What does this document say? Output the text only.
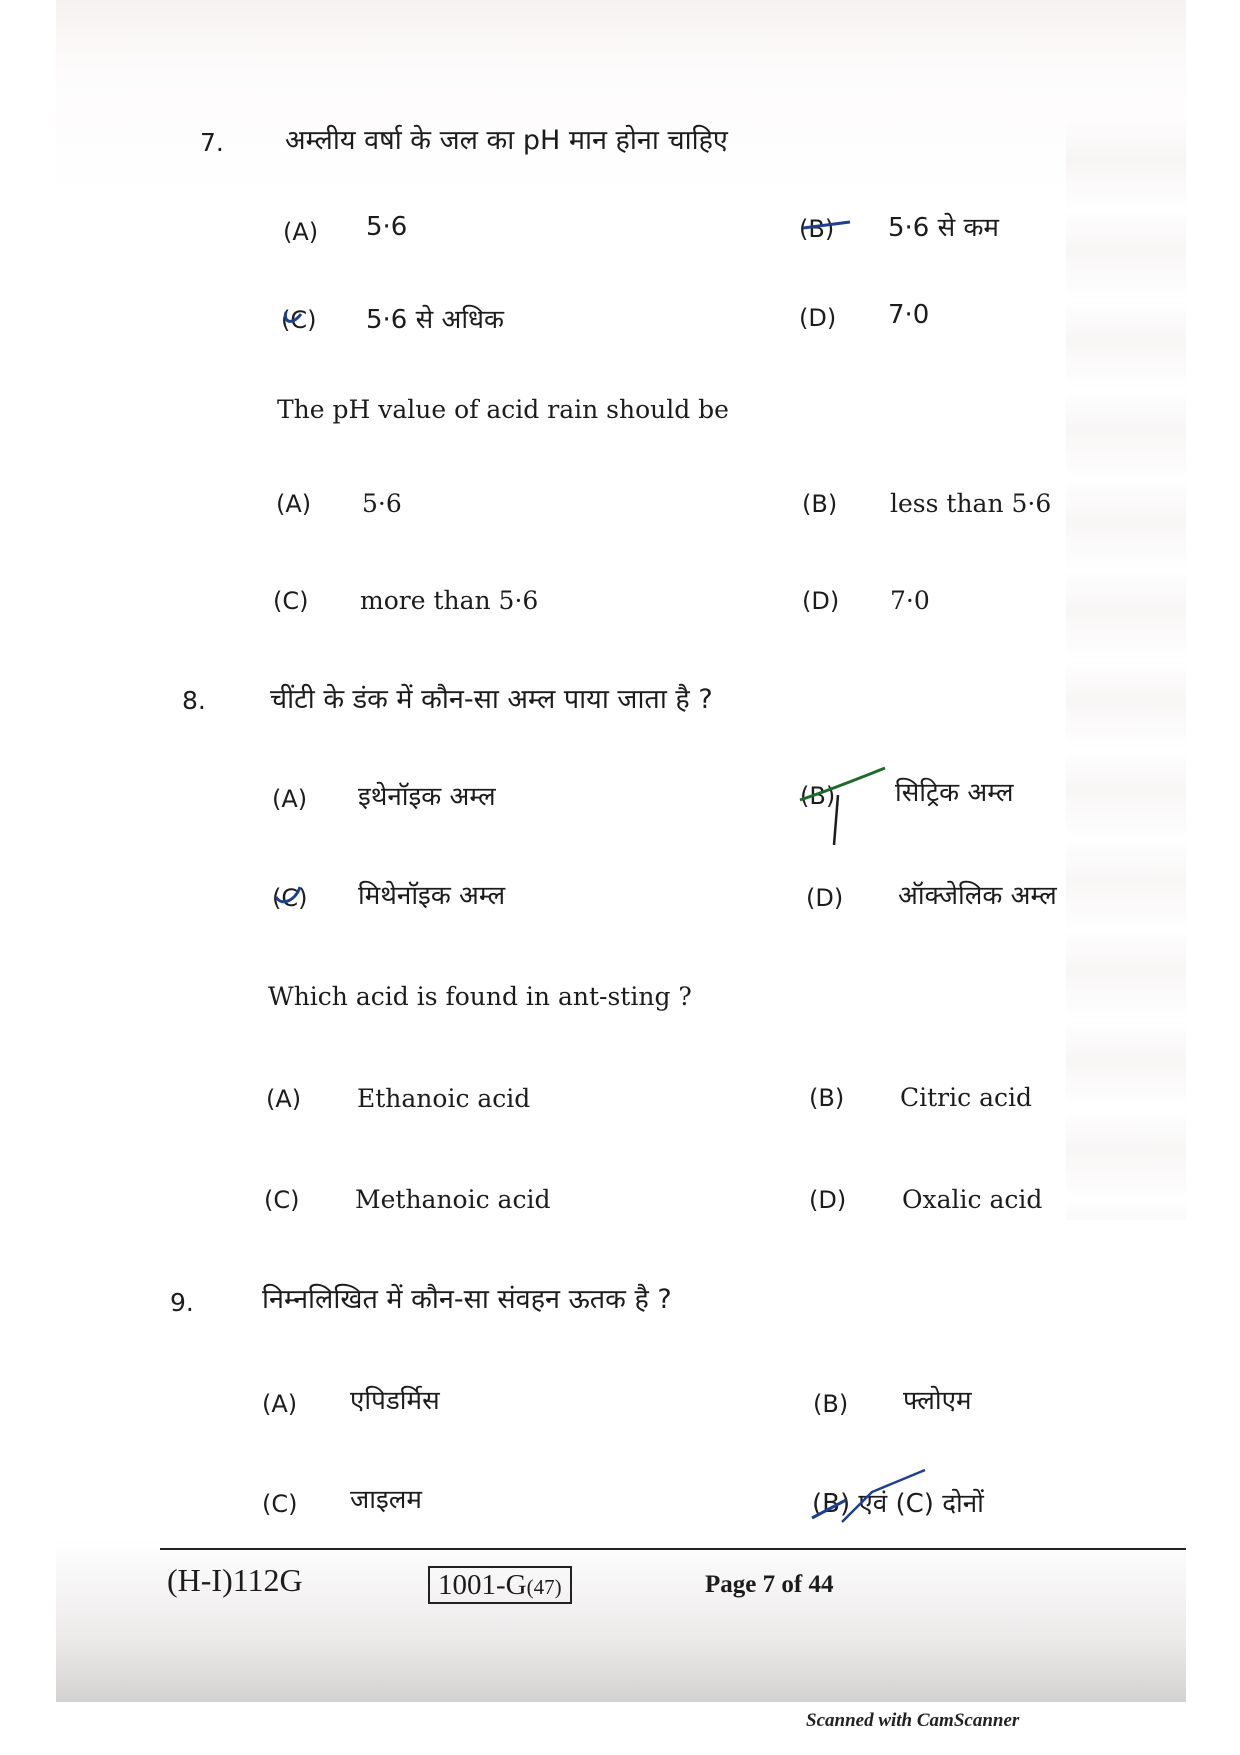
7. अम्लीय वर्षा के जल का pH मान होना चाहिए
(A) 5·6	(B) 5·6 से कम
(C) 5·6 से अधिक	(D) 7·0
The pH value of acid rain should be
(A) 5·6	(B) less than 5·6
(C) more than 5·6	(D) 7·0
8. चींटी के डंक में कौन-सा अम्ल पाया जाता है ?
(A) इथेनॉइक अम्ल	(B) सिट्रिक अम्ल
(C) मिथेनॉइक अम्ल	(D) ऑक्जेलिक अम्ल
Which acid is found in ant-sting ?
(A) Ethanoic acid	(B) Citric acid
(C) Methanoic acid	(D) Oxalic acid
9.	निम्नलिखित में कौन-सा संवहन ऊतक है ?
(A) एपिडर्मिस	(B) फ्लोएम
(C) जाइलम	(B) एवं (C) दोनों
(H-I)112G	1001-G(47)	Page 7 of 44
Scanned with CamScanner
